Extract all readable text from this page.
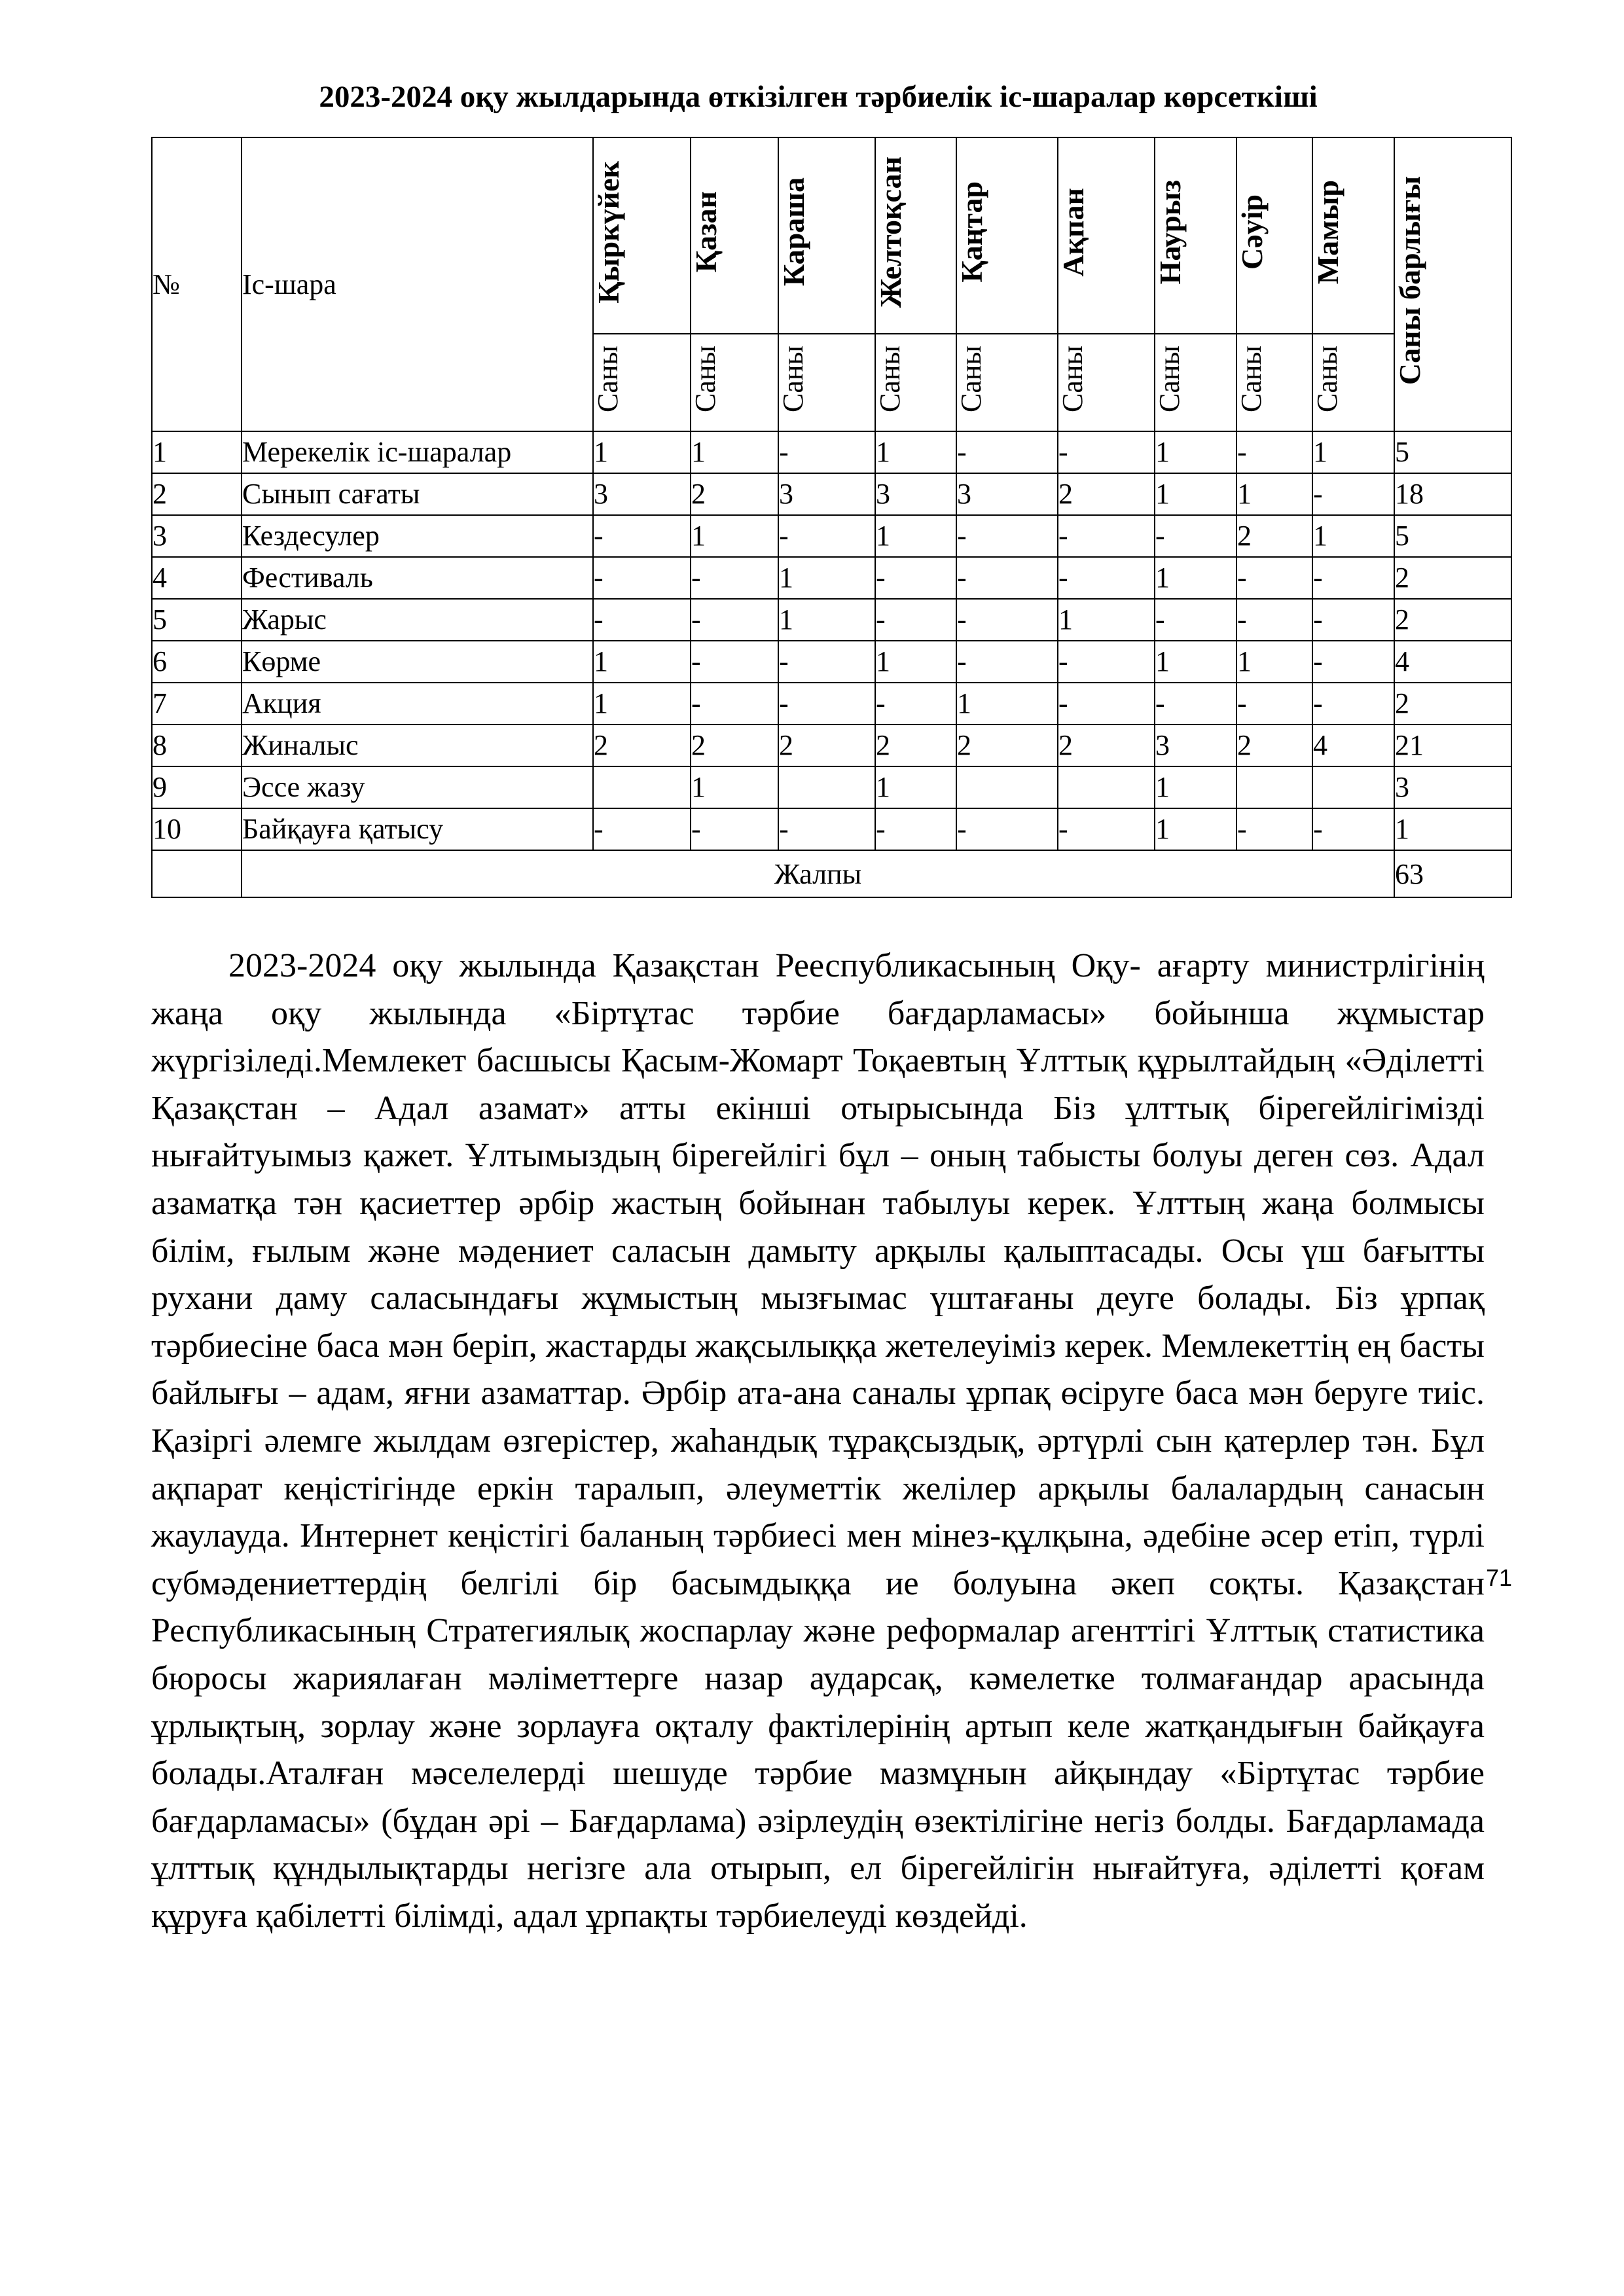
2023-2024 оқу жылдарында өткізілген тәрбиелік іс-шаралар көрсеткіші
№	Іс-шара	Қыркүйек	Қазан	Караша	Желтоқсан	Қаңтар	Ақпан	Наурыз	Сәуір	Мамыр	Саны барлығы
		Саны	Саны	Саны	Саны	Саны	Саны	Саны	Саны	Саны	
1	Мерекелік іс-шаралар	1	1	-	1	-	-	1	-	1	5
2	Сынып сағаты	3	2	3	3	3	2	1	1	-	18
3	Кездесулер	-	1	-	1	-	-	-	2	1	5
4	Фестиваль	-	-	1	-	-	-	1	-	-	2
5	Жарыс	-	-	1	-	-	1	-	-	-	2
6	Көрме	1	-	-	1	-	-	1	1	-	4
7	Акция	1	-	-	-	1	-	-	-	-	2
8	Жиналыс	2	2	2	2	2	2	3	2	4	21
9	Эссе жазу		1		1			1			3
10	Байқауға қатысу	-	-	-	-	-	-	1	-	-	1
	Жалпы										63

2023-2024 оқу жылында Қазақстан Рееспубликасының Оқу- ағарту министрлігінің жаңа оқу жылында «Біртұтас тәрбие бағдарламасы» бойынша жұмыстар жүргізіледі.Мемлекет басшысы Қасым-Жомарт Тоқаевтың Ұлттық құрылтайдың «Әділетті Қазақстан – Адал азамат» атты екінші отырысында Біз ұлттық бірегейлігімізді нығайтуымыз қажет. Ұлтымыздың бірегейлігі бұл – оның табысты болуы деген сөз. Адал азаматқа тән қасиеттер әрбір жастың бойынан табылуы керек. Ұлттың жаңа болмысы білім, ғылым және мәдениет саласын дамыту арқылы қалыптасады. Осы үш бағытты рухани даму саласындағы жұмыстың мызғымас үштағаны деуге болады. Біз ұрпақ тәрбиесіне баса мән беріп, жастарды жақсылыққа жетелеуіміз керек. Мемлекеттің ең басты байлығы – адам, яғни азаматтар. Әрбір ата-ана саналы ұрпақ өсіруге баса мән беруге тиіс. Қазіргі әлемге жылдам өзгерістер, жаһандық тұрақсыздық, әртүрлі сын қатерлер тән. Бұл ақпарат кеңістігінде еркін таралып, әлеуметтік желілер арқылы балалардың санасын жаулауда. Интернет кеңістігі баланың тәрбиесі мен мінез-құлқына, әдебіне әсер етіп, түрлі субмәдениеттердің белгілі бір басымдыққа ие болуына әкеп соқты. Қазақстан Республикасының Стратегиялық жоспарлау және реформалар агенттігі Ұлттық статистика бюросы жариялаған мәліметтерге назар аударсақ, кәмелетке толмағандар арасында ұрлықтың, зорлау және зорлауға оқталу фактілерінің артып келе жатқандығын байқауға болады.Аталған мәселелерді шешуде тәрбие мазмұнын айқындау «Біртұтас тәрбие бағдарламасы» (бұдан әрі – Бағдарлама) әзірлеудің өзектілігіне негіз болды. Бағдарламада ұлттық құндылықтарды негізге ала отырып, ел бірегейлігін нығайтуға, әділетті қоғам құруға қабілетті білімді, адал ұрпақты тәрбиелеуді көздейді.

71
